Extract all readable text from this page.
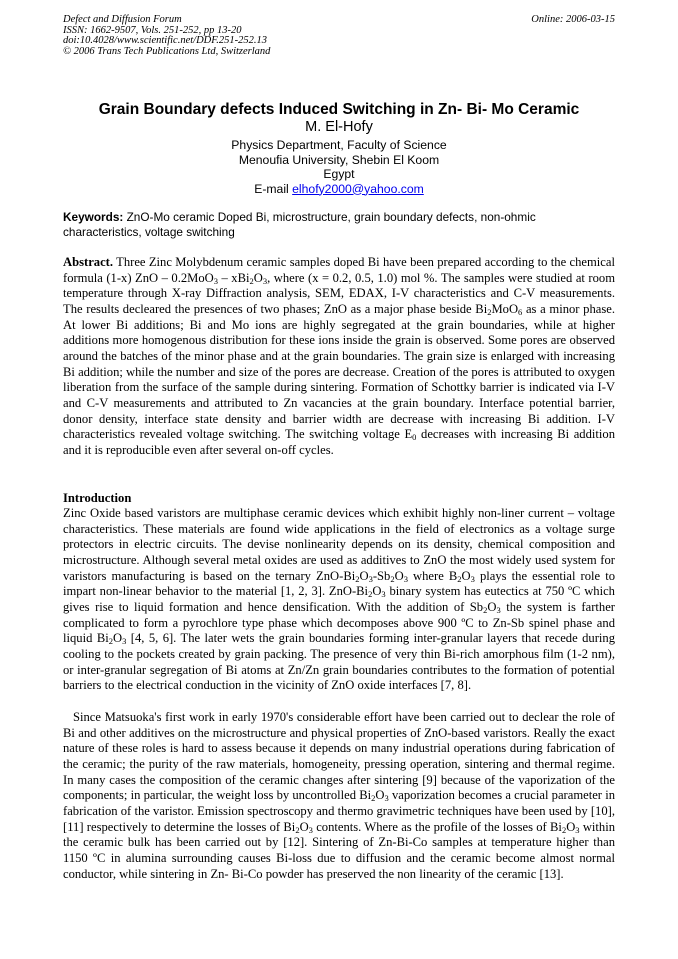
Defect and Diffusion Forum
ISSN: 1662-9507, Vols. 251-252, pp 13-20
doi:10.4028/www.scientific.net/DDF.251-252.13
© 2006 Trans Tech Publications Ltd, Switzerland
Online: 2006-03-15
Grain Boundary defects Induced Switching in Zn- Bi- Mo Ceramic
M. El-Hofy
Physics Department, Faculty of Science
Menoufia University, Shebin El Koom
Egypt
E-mail elhofy2000@yahoo.com
Keywords: ZnO-Mo ceramic Doped Bi, microstructure, grain boundary defects, non-ohmic characteristics, voltage switching
Abstract. Three Zinc Molybdenum ceramic samples doped Bi have been prepared according to the chemical formula (1-x) ZnO – $0.2MoO_3 - xBi_2O_3$, where (x = 0.2, 0.5, 1.0) mol %. The samples were studied at room temperature through X-ray Diffraction analysis, SEM, EDAX, I-V characteristics and C-V measurements. The results decleared the presences of two phases; ZnO as a major phase beside $Bi_2MoO_6$ as a minor phase. At lower Bi additions; Bi and Mo ions are highly segregated at the grain boundaries, while at higher additions more homogenous distribution for these ions inside the grain is observed. Some pores are observed around the batches of the minor phase and at the grain boundaries. The grain size is enlarged with increasing Bi addition; while the number and size of the pores are decrease. Creation of the pores is attributed to oxygen liberation from the surface of the sample during sintering. Formation of Schottky barrier is indicated via I-V and C-V measurements and attributed to Zn vacancies at the grain boundary. Interface potential barrier, donor density, interface state density and barrier width are decrease with increasing Bi addition. I-V characteristics revealed voltage switching. The switching voltage $E_0$ decreases with increasing Bi addition and it is reproducible even after several on-off cycles.
Introduction
Zinc Oxide based varistors are multiphase ceramic devices which exhibit highly non-liner current – voltage characteristics. These materials are found wide applications in the field of electronics as a voltage surge protectors in electric circuits. The devise nonlinearity depends on its density, chemical composition and microstructure. Although several metal oxides are used as additives to ZnO the most widely used system for varistors manufacturing is based on the ternary ZnO-$Bi_2O_3-Sb_2O_3$ where $B_2O_3$ plays the essential role to impart non-linear behavior to the material [1, 2, 3]. ZnO-$Bi_2O_3$ binary system has eutectics at 750 ºC which gives rise to liquid formation and hence densification. With the addition of $Sb_2O_3$ the system is farther complicated to form a pyrochlore type phase which decomposes above 900 ºC to Zn-Sb spinel phase and liquid $Bi_2O_3$ [4, 5, 6]. The later wets the grain boundaries forming inter-granular layers that recede during cooling to the pockets created by grain packing. The presence of very thin Bi-rich amorphous film (1-2 nm), or inter-granular segregation of Bi atoms at Zn/Zn grain boundaries contributes to the formation of potential barriers to the electrical conduction in the vicinity of ZnO oxide interfaces [7, 8].
Since Matsuoka's first work in early 1970's considerable effort have been carried out to declear the role of Bi and other additives on the microstructure and physical properties of ZnO-based varistors. Really the exact nature of these roles is hard to assess because it depends on many industrial operations during fabrication of the ceramic; the purity of the raw materials, homogeneity, pressing operation, sintering and thermal regime. In many cases the composition of the ceramic changes after sintering [9] because of the vaporization of the components; in particular, the weight loss by uncontrolled $Bi_2O_3$ vaporization becomes a crucial parameter in fabrication of the varistor. Emission spectroscopy and thermo gravimetric techniques have been used by [10], [11] respectively to determine the losses of $Bi_2O_3$ contents. Where as the profile of the losses of $Bi_2O_3$ within the ceramic bulk has been carried out by [12]. Sintering of Zn-Bi-Co samples at temperature higher than 1150 ºC in alumina surrounding causes Bi-loss due to diffusion and the ceramic become almost normal conductor, while sintering in Zn- Bi-Co powder has preserved the non linearity of the ceramic [13].
